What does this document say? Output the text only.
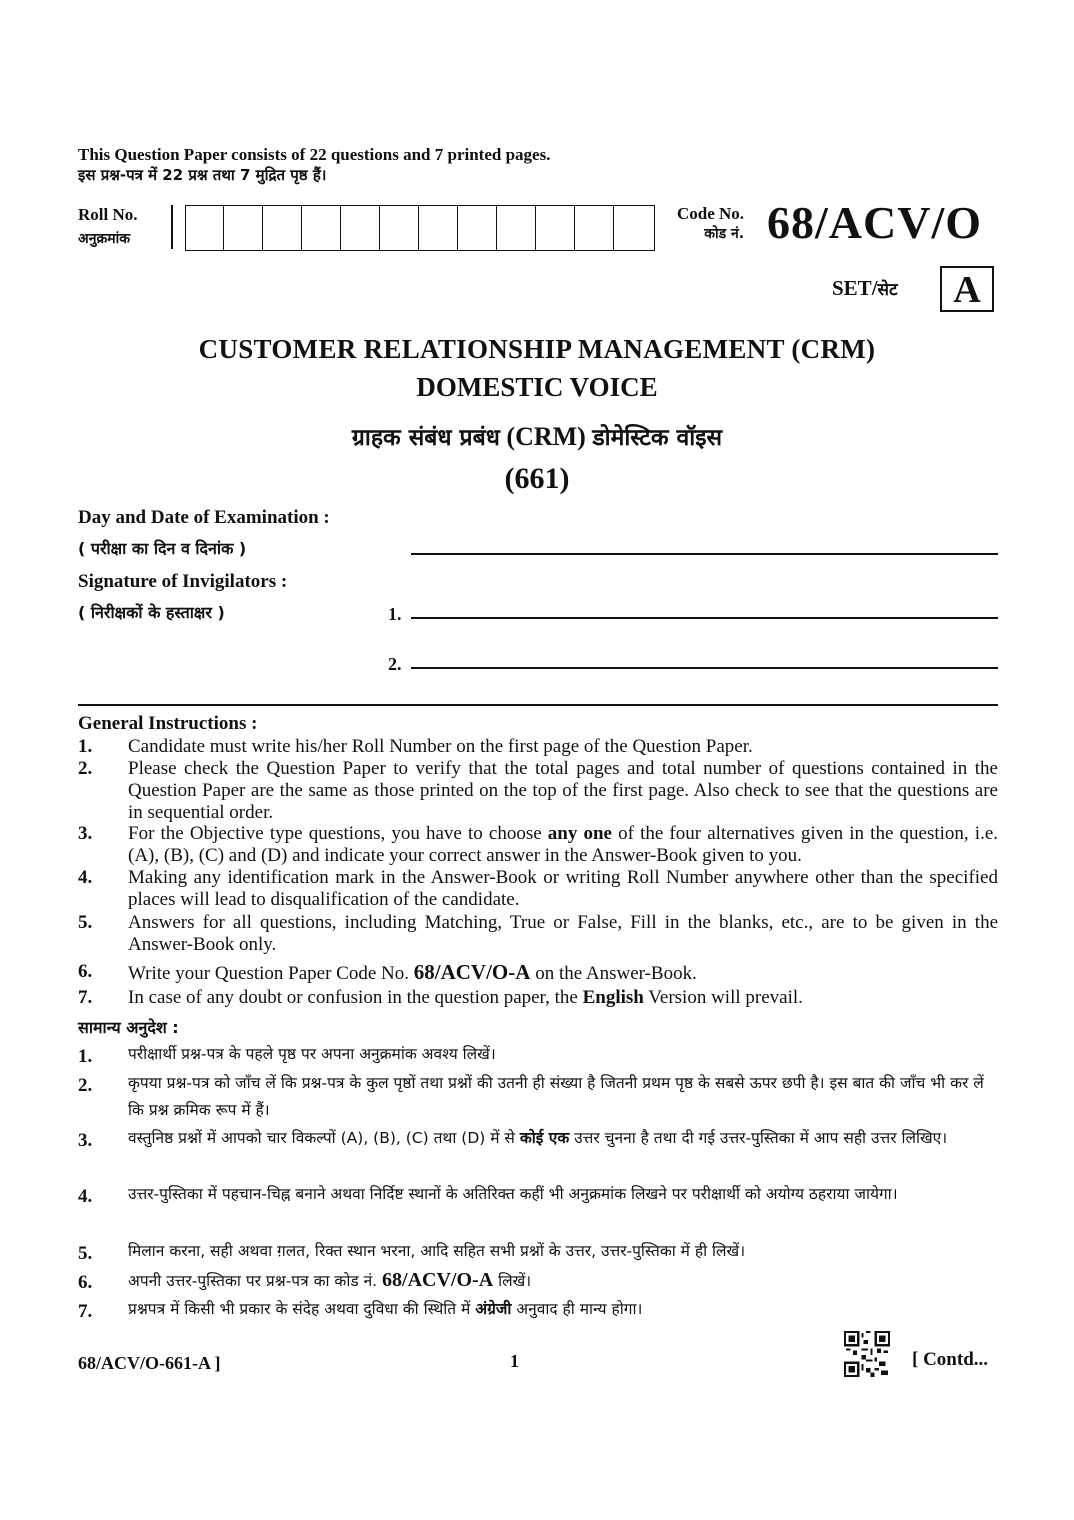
This Question Paper consists of 22 questions and 7 printed pages.
इस प्रश्न-पत्र में 22 प्रश्न तथा 7 मुद्रित पृष्ठ हैं।
Roll No.
अनुक्रमांक
Code No.
कोड नं. 68/ACV/O
SET/सेट	A
CUSTOMER RELATIONSHIP MANAGEMENT (CRM)
DOMESTIC VOICE
ग्राहक संबंध प्रबंध (CRM) डोमेस्टिक वॉइस
(661)
Day and Date of Examination :
( परीक्षा का दिन व दिनांक )
Signature of Invigilators :
( निरीक्षकों के हस्ताक्षर )	1.
2.
General Instructions :
1. Candidate must write his/her Roll Number on the first page of the Question Paper.
2. Please check the Question Paper to verify that the total pages and total number of questions contained in the Question Paper are the same as those printed on the top of the first page. Also check to see that the questions are in sequential order.
3. For the Objective type questions, you have to choose any one of the four alternatives given in the question, i.e. (A), (B), (C) and (D) and indicate your correct answer in the Answer-Book given to you.
4. Making any identification mark in the Answer-Book or writing Roll Number anywhere other than the specified places will lead to disqualification of the candidate.
5. Answers for all questions, including Matching, True or False, Fill in the blanks, etc., are to be given in the Answer-Book only.
6. Write your Question Paper Code No. 68/ACV/O-A on the Answer-Book.
7. In case of any doubt or confusion in the question paper, the English Version will prevail.
सामान्य अनुदेश :
1. परीक्षार्थी प्रश्न-पत्र के पहले पृष्ठ पर अपना अनुक्रमांक अवश्य लिखें।
2. कृपया प्रश्न-पत्र को जाँच लें कि प्रश्न-पत्र के कुल पृष्ठों तथा प्रश्नों की उतनी ही संख्या है जितनी प्रथम पृष्ठ के सबसे ऊपर छपी है। इस बात की जाँच भी कर लें कि प्रश्न क्रमिक रूप में हैं।
3. वस्तुनिष्ठ प्रश्नों में आपको चार विकल्पों (A), (B), (C) तथा (D) में से कोई एक उत्तर चुनना है तथा दी गई उत्तर-पुस्तिका में आप सही उत्तर लिखिए।
4. उत्तर-पुस्तिका में पहचान-चिह्न बनाने अथवा निर्दिष्ट स्थानों के अतिरिक्त कहीं भी अनुक्रमांक लिखने पर परीक्षार्थी को अयोग्य ठहराया जायेगा।
5. मिलान करना, सही अथवा ग़लत, रिक्त स्थान भरना, आदि सहित सभी प्रश्नों के उत्तर, उत्तर-पुस्तिका में ही लिखें।
6. अपनी उत्तर-पुस्तिका पर प्रश्न-पत्र का कोड नं. 68/ACV/O-A लिखें।
7. प्रश्नपत्र में किसी भी प्रकार के संदेह अथवा दुविधा की स्थिति में अंग्रेजी अनुवाद ही मान्य होगा।
68/ACV/O-661-A ]	1	[ Contd...
